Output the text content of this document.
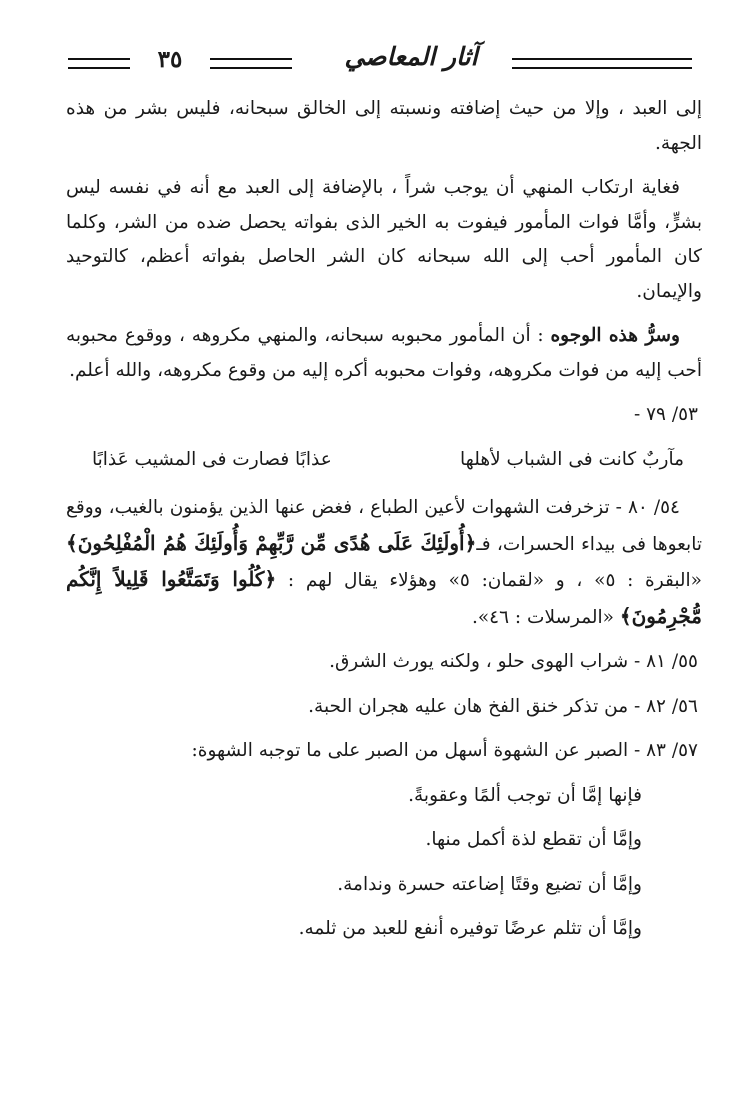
٣٥	آثار المعاصي

إلى العبد ، وإلا من حيث إضافته ونسبته إلى الخالق سبحانه، فليس بشر من هذه الجهة.

فغاية ارتكاب المنهي أن يوجب شراً ، بالإضافة إلى العبد مع أنه في نفسه ليس بشرٍّ، وأمَّا فوات المأمور فيفوت به الخير الذى بفواته يحصل ضده من الشر، وكلما كان المأمور أحب إلى الله سبحانه كان الشر الحاصل بفواته أعظم، كالتوحيد والإيمان.

وسرُّ هذه الوجوه : أن المأمور محبوبه سبحانه، والمنهي مكروهه ، ووقوع محبوبه أحب إليه من فوات مكروهه، وفوات محبوبه أكره إليه من وقوع مكروهه، والله أعلم.

٥٣/ ٧٩ -

مآربٌ كانت فى الشباب لأهلها
عذابًا فصارت فى المشيب عَذابًا

٥٤/ ٨٠ - تزخرفت الشهوات لأعين الطباع ، فغض عنها الذين يؤمنون بالغيب، ووقع تابعوها فى بيداء الحسرات، فـ﴿أُولَئِكَ عَلَى هُدًى مِّن رَّبِّهِمْ وَأُولَئِكَ هُمُ الْمُفْلِحُونَ﴾ «البقرة : ٥» ، و «لقمان: ٥» وهؤلاء يقال لهم : ﴿كُلُوا وَتَمَتَّعُوا قَلِيلاً إِنَّكُم مُّجْرِمُونَ﴾ «المرسلات : ٤٦».

٥٥/ ٨١ - شراب الهوى حلو ، ولكنه يورث الشرق.

٥٦/ ٨٢ - من تذكر خنق الفخ هان عليه هجران الحبة.

٥٧/ ٨٣ - الصبر عن الشهوة أسهل من الصبر على ما توجبه الشهوة:

فإنها إمَّا أن توجب ألمًا وعقوبةً.

وإمَّا أن تقطع لذة أكمل منها.

وإمَّا أن تضيع وقتًا إضاعته حسرة وندامة.

وإمَّا أن تثلم عرضًا توفيره أنفع للعبد من ثلمه.
